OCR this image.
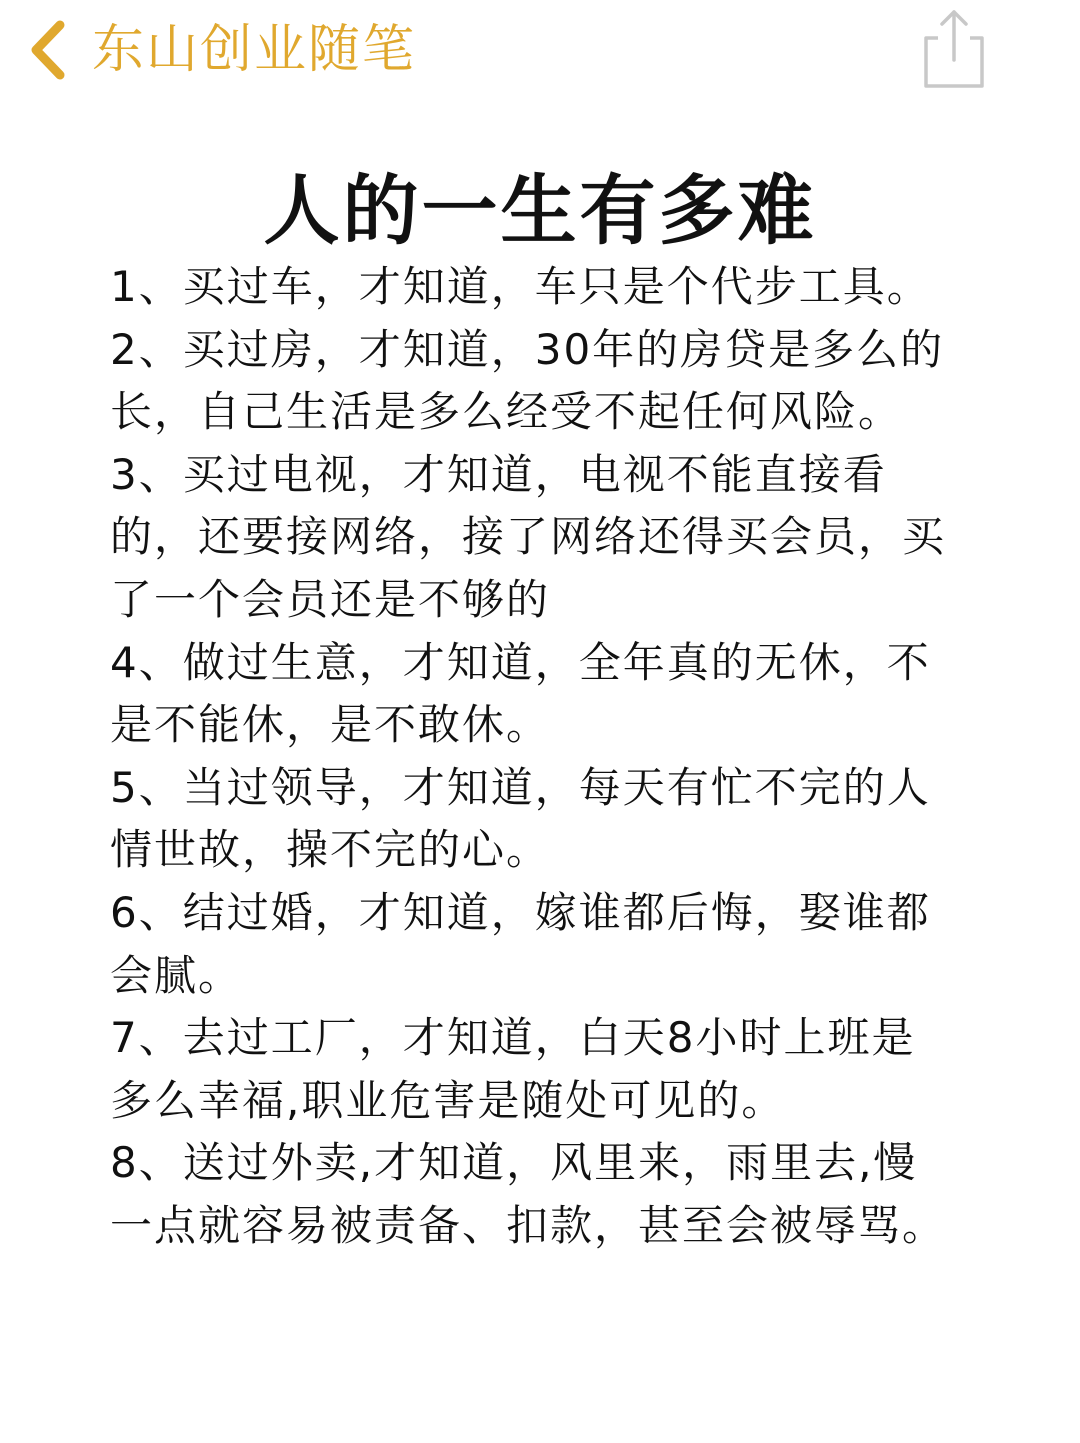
东山创业随笔
人的一生有多难
1、买过车，才知道，车只是个代步工具。
2、买过房，才知道，30年的房贷是多么的
长，自己生活是多么经受不起任何风险。
3、买过电视，才知道，电视不能直接看
的，还要接网络，接了网络还得买会员，买
了一个会员还是不够的
4、做过生意，才知道，全年真的无休，不
是不能休，是不敢休。
5、当过领导，才知道，每天有忙不完的人
情世故，操不完的心。
6、结过婚，才知道，嫁谁都后悔，娶谁都
会腻。
7、去过工厂，才知道，白天8小时上班是
多么幸福,职业危害是随处可见的。
8、送过外卖,才知道，风里来，雨里去,慢
一点就容易被责备、扣款，甚至会被辱骂。
